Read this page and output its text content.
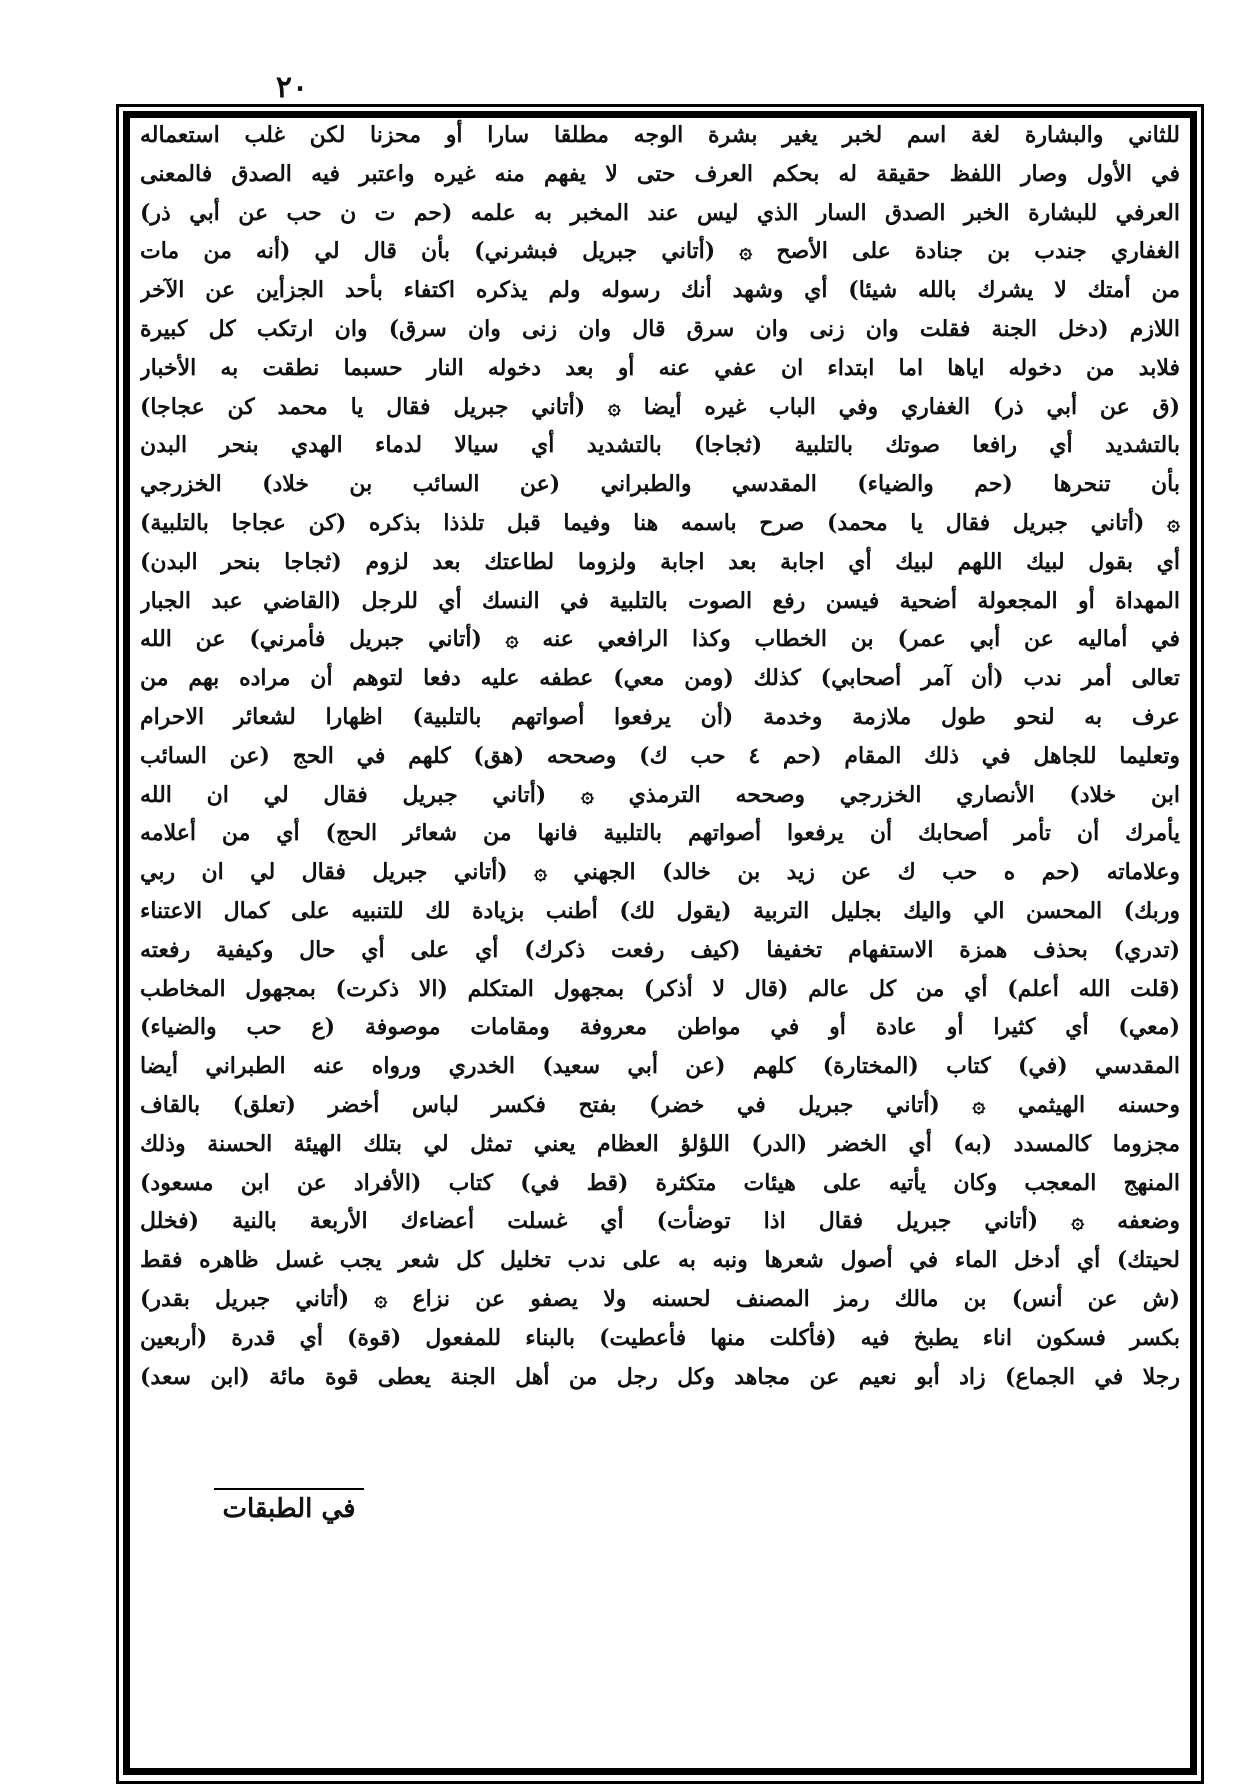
٢٠
للثاني والبشارة لغة اسم لخبر يغير بشرة الوجه مطلقا سارا أو محزنا لكن غلب استعماله
في الأول وصار اللفظ حقيقة له بحكم العرف حتى لا يفهم منه غيره واعتبر فيه الصدق فالمعنى
العرفي للبشارة الخبر الصدق السار الذي ليس عند المخبر به علمه (حم ت ن حب عن أبي ذر)
الغفاري جندب بن جنادة على الأصح ۞ (أتاني جبريل فبشرني) بأن قال لي (أنه من مات
من أمتك لا يشرك بالله شيئا) أي وشهد أنك رسوله ولم يذكره اكتفاء بأحد الجزأين عن الآخر
اللازم (دخل الجنة فقلت وان زنى وان سرق قال وان زنى وان سرق) وان ارتكب كل كبيرة
فلابد من دخوله اياها اما ابتداء ان عفي عنه أو بعد دخوله النار حسبما نطقت به الأخبار
(ق عن أبي ذر) الغفاري وفي الباب غيره أيضا ۞ (أتاني جبريل فقال يا محمد كن عجاجا)
بالتشديد أي رافعا صوتك بالتلبية (ثجاجا) بالتشديد أي سيالا لدماء الهدي بنحر البدن
بأن تنحرها (حم والضياء) المقدسي والطبراني (عن السائب بن خلاد) الخزرجي
۞ (أتاني جبريل فقال يا محمد) صرح باسمه هنا وفيما قبل تلذذا بذكره (كن عجاجا بالتلبية)
أي بقول لبيك اللهم لبيك أي اجابة بعد اجابة ولزوما لطاعتك بعد لزوم (ثجاجا بنحر البدن)
المهداة أو المجعولة أضحية فيسن رفع الصوت بالتلبية في النسك أي للرجل (القاضي عبد الجبار
في أماليه عن أبي عمر) بن الخطاب وكذا الرافعي عنه ۞ (أتاني جبريل فأمرني) عن الله
تعالى أمر ندب (أن آمر أصحابي) كذلك (ومن معي) عطفه عليه دفعا لتوهم أن مراده بهم من
عرف به لنحو طول ملازمة وخدمة (أن يرفعوا أصواتهم بالتلبية) اظهارا لشعائر الاحرام
وتعليما للجاهل في ذلك المقام (حم ٤ حب ك) وصححه (هق) كلهم في الحج (عن السائب
ابن خلاد) الأنصاري الخزرجي وصححه الترمذي ۞ (أتاني جبريل فقال لي ان الله
يأمرك أن تأمر أصحابك أن يرفعوا أصواتهم بالتلبية فانها من شعائر الحج) أي من أعلامه
وعلاماته (حم ه حب ك عن زيد بن خالد) الجهني ۞ (أتاني جبريل فقال لي ان ربي
وربك) المحسن الي واليك بجليل التربية (يقول لك) أطنب بزيادة لك للتنبيه على كمال الاعتناء
(تدري) بحذف همزة الاستفهام تخفيفا (كيف رفعت ذكرك) أي على أي حال وكيفية رفعته
(قلت الله أعلم) أي من كل عالم (قال لا أذكر) بمجهول المتكلم (الا ذكرت) بمجهول المخاطب
(معي) أي كثيرا أو عادة أو في مواطن معروفة ومقامات موصوفة (ع حب والضياء)
المقدسي (في) كتاب (المختارة) كلهم (عن أبي سعيد) الخدري ورواه عنه الطبراني أيضا
وحسنه الهيثمي ۞ (أتاني جبريل في خضر) بفتح فكسر لباس أخضر (تعلق) بالقاف
مجزوما كالمسدد (به) أي الخضر (الدر) اللؤلؤ العظام يعني تمثل لي بتلك الهيئة الحسنة وذلك
المنهج المعجب وكان يأتيه على هيئات متكثرة (قط في) كتاب (الأفراد عن ابن مسعود)
وضعفه ۞ (أتاني جبريل فقال اذا توضأت) أي غسلت أعضاءك الأربعة بالنية (فخلل
لحيتك) أي أدخل الماء في أصول شعرها ونبه به على ندب تخليل كل شعر يجب غسل ظاهره فقط
(ش عن أنس) بن مالك رمز المصنف لحسنه ولا يصفو عن نزاع ۞ (أتاني جبريل بقدر)
بكسر فسكون اناء يطبخ فيه (فأكلت منها فأعطيت) بالبناء للمفعول (قوة) أي قدرة (أربعين
رجلا في الجماع) زاد أبو نعيم عن مجاهد وكل رجل من أهل الجنة يعطى قوة مائة (ابن سعد)
في الطبقات
